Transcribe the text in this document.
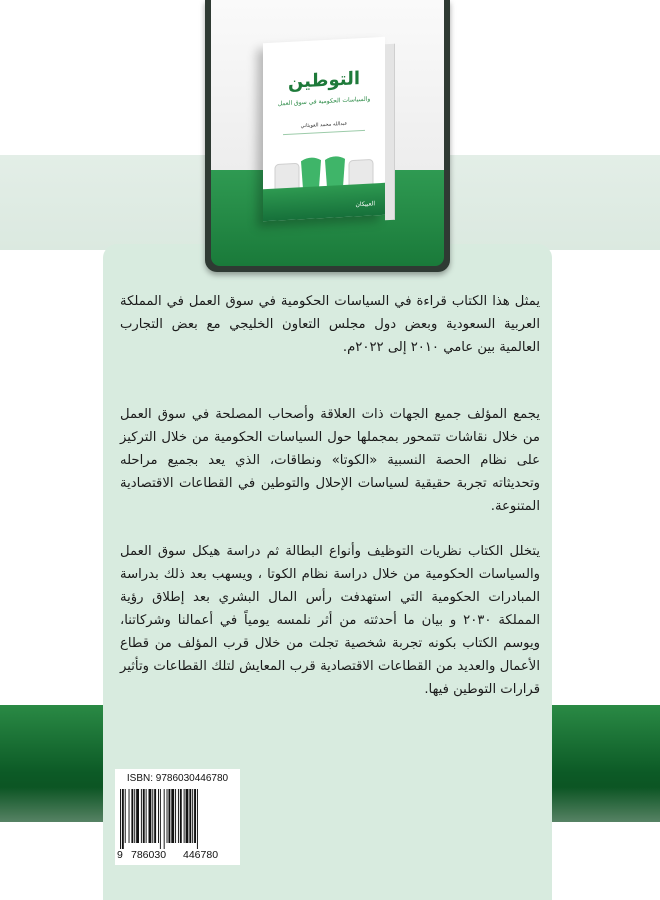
التوطين
والسياسات الحكومية في سوق العمل
عبدالله محمد العوبثاني
العبيكان
يمثل هذا الكتاب قراءة في السياسات الحكومية في سوق العمل في المملكة العربية السعودية وبعض دول مجلس التعاون الخليجي مع بعض التجارب العالمية بين عامي ٢٠١٠ إلى ٢٠٢٢م.
يجمع المؤلف جميع الجهات ذات العلاقة وأصحاب المصلحة في سوق العمل من خلال نقاشات تتمحور بمجملها حول السياسات الحكومية من خلال التركيز على نظام الحصة النسبية «الكوتا» ونطاقات، الذي يعد بجميع مراحله وتحديثاته تجربة حقيقية لسياسات الإحلال والتوطين في القطاعات الاقتصادية المتنوعة.
يتخلل الكتاب نظريات التوظيف وأنواع البطالة ثم دراسة هيكل سوق العمل والسياسات الحكومية من خلال دراسة نظام الكوتا ، ويسهب بعد ذلك بدراسة المبادرات الحكومية التي استهدفت رأس المال البشري بعد إطلاق رؤية المملكة ٢٠٣٠ و بيان ما أحدثته من أثر نلمسه يومياً في أعمالنا وشركاتنا، ويوسم الكتاب بكونه تجربة شخصية تجلت من خلال قرب المؤلف من قطاع الأعمال والعديد من القطاعات الاقتصادية قرب المعايش لتلك القطاعات وتأثير قرارات التوطين فيها.
ISBN: 9786030446780
9 786030 446780
